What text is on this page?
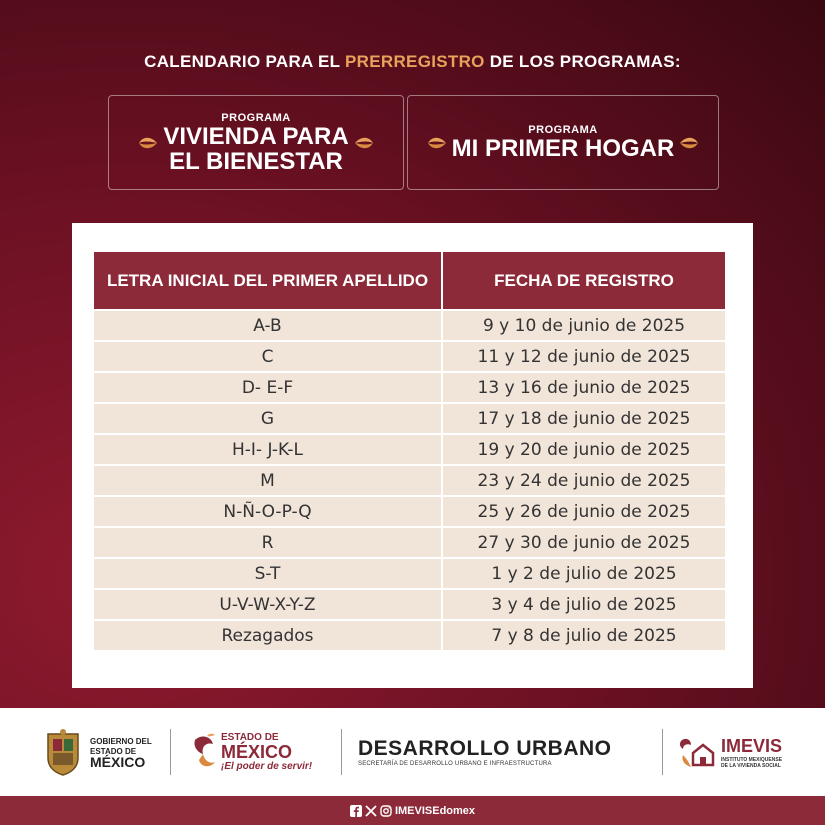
CALENDARIO PARA EL PRERREGISTRO DE LOS PROGRAMAS:
PROGRAMA
VIVIENDA PARA
EL BIENESTAR
PROGRAMA
MI PRIMER HOGAR
LETRA INICIAL DEL PRIMER APELLIDO	FECHA DE REGISTRO
A-B	9 y 10 de junio de 2025
C	11 y 12 de junio de 2025
D- E-F	13 y 16 de junio de 2025
G	17 y 18 de junio de 2025
H-I- J-K-L	19 y 20 de junio de 2025
M	23 y 24 de junio de 2025
N-Ñ-O-P-Q	25 y 26 de junio de 2025
R	27 y 30 de junio de 2025
S-T	1 y 2 de julio de 2025
U-V-W-X-Y-Z	3 y 4 de julio de 2025
Rezagados	7 y 8 de julio de 2025
GOBIERNO DEL
ESTADO DE
MÉXICO
ESTADO DE
MÉXICO
¡El poder de servir!
DESARROLLO URBANO
SECRETARÍA DE DESARROLLO URBANO E INFRAESTRUCTURA
IMEVIS
INSTITUTO MEXIQUENSE
DE LA VIVIENDA SOCIAL
IMEVISEdomex
